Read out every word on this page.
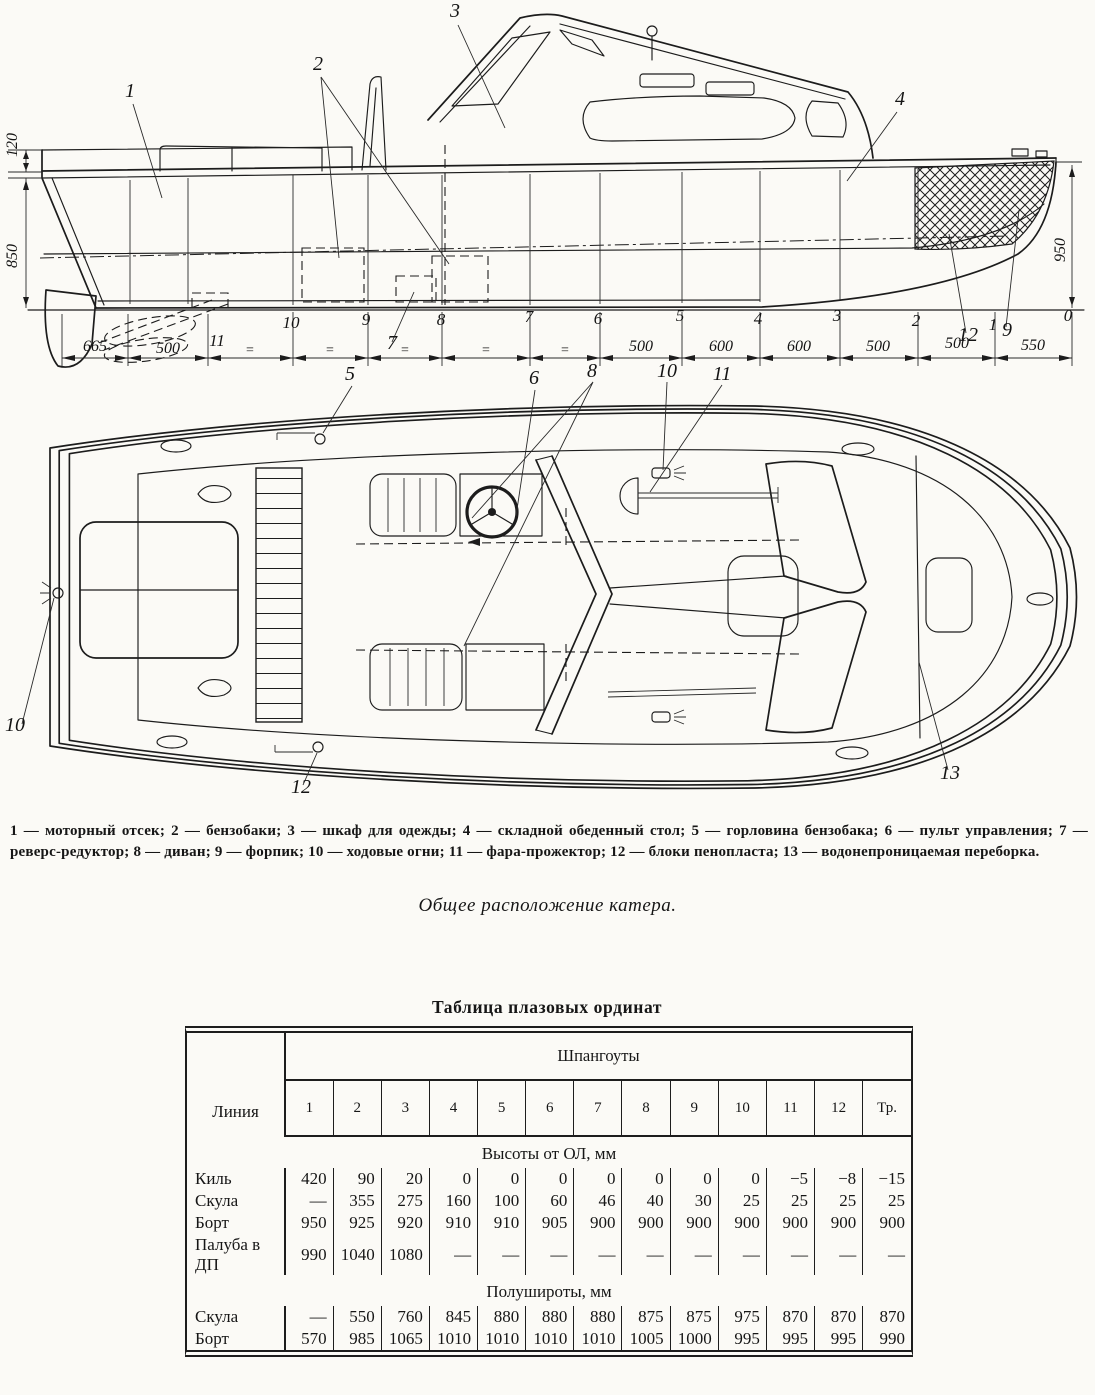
120
850	950
665	500	500	600	600	500	500	550
=	=	=	=	=
11
10	9	8	7	6	5	4	3	2	1	0
1
2
3
4
7	12 9
5	6 8	10 11
10
12
13

1 — моторный отсек; 2 — бензобаки; 3 — шкаф для одежды; 4 — складной обеденный стол; 5 — горловина бензобака; 6 — пульт управления; 7 — реверс-редуктор; 8 — диван; 9 — форпик; 10 — ходовые огни; 11 — фара-прожектор; 12 — блоки пенопласта; 13 — водонепроницаемая переборка.

Общее расположение катера.
Таблица плазовых ординат
Линия	Шпангоуты												
	1	2	3	4	5	6	7	8	9	10	11	12	Тр.
Высоты от ОЛ, мм													
Киль	420	90	20	0	0	0	0	0	0	0	−5	−8	−15
Скула	—	355	275	160	100	60	46	40	30	25	25	25	25
Борт	950	925	920	910	910	905	900	900	900	900	900	900	900
Палуба в ДП	990	1040	1080	—	—	—	—	—	—	—	—	—	—
Полушироты, мм													
Скула	—	550	760	845	880	880	880	875	875	975	870	870	870
Борт	570	985	1065	1010	1010	1010	1010	1005	1000	995	995	995	990
